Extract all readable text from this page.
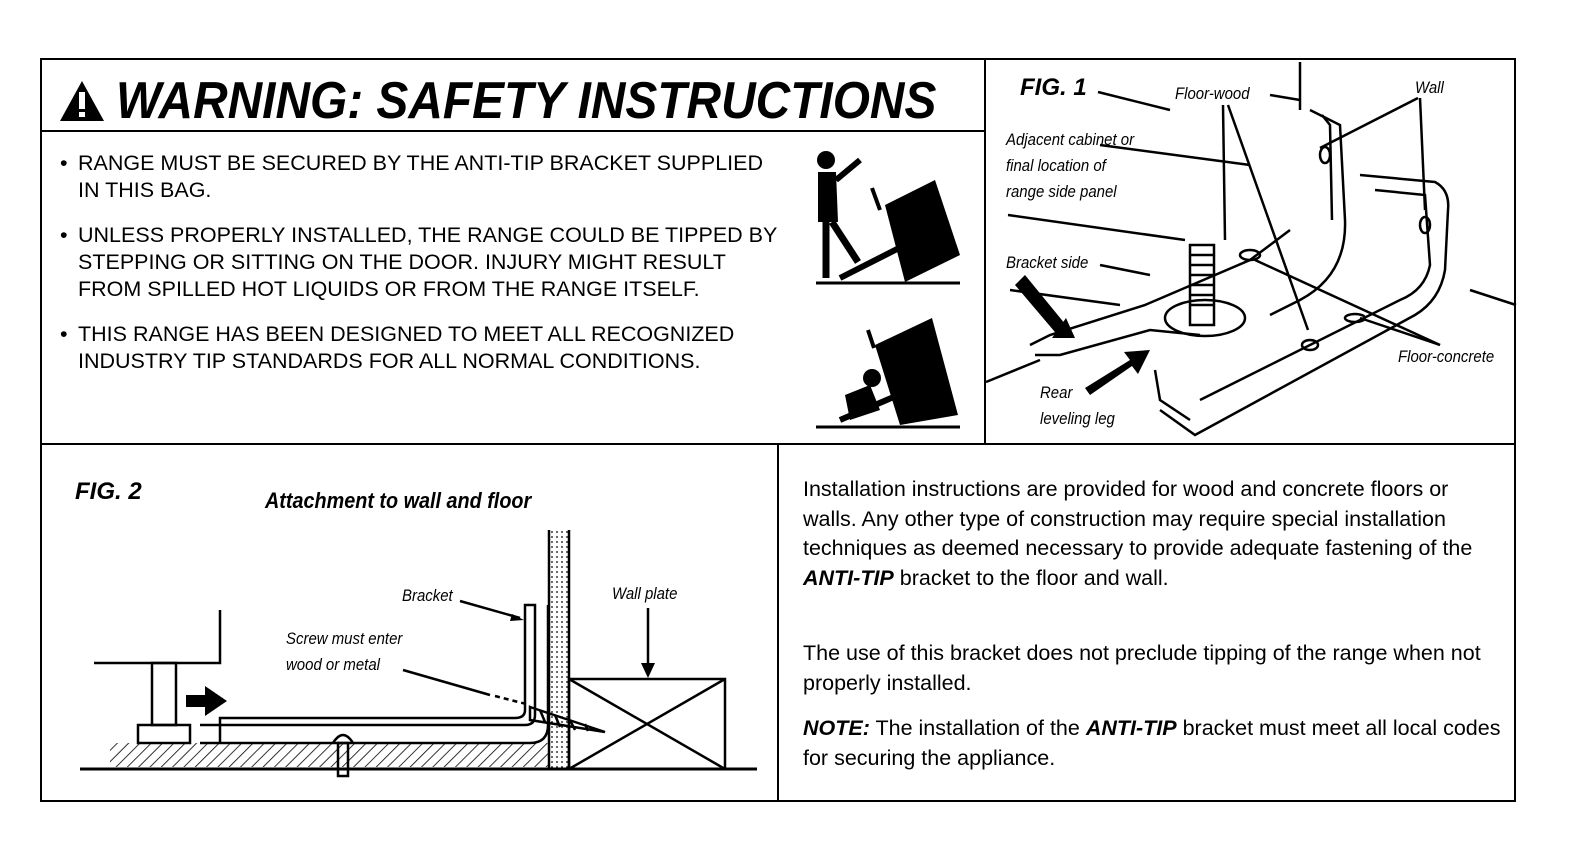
WARNING: SAFETY INSTRUCTIONS
• RANGE MUST BE SECURED BY THE ANTI-TIP BRACKET SUPPLIED IN THIS BAG.
• UNLESS PROPERLY INSTALLED, THE RANGE COULD BE TIPPED BY STEPPING OR SITTING ON THE DOOR. INJURY MIGHT RESULT FROM SPILLED HOT LIQUIDS OR FROM THE RANGE ITSELF.
• THIS RANGE HAS BEEN DESIGNED TO MEET ALL RECOGNIZED INDUSTRY TIP STANDARDS FOR ALL NORMAL CONDITIONS.
FIG. 1	Floor-wood	Wall
Adjacent cabinet or
final location of
range side panel
Bracket side
Floor-concrete
Rear
leveling leg
FIG. 2	Attachment to wall and floor
Bracket	Wall plate
Screw must enter
wood or metal
Installation instructions are provided for wood and concrete floors or walls. Any other type of construction may require special installation techniques as deemed necessary to provide adequate fastening of the ANTI-TIP bracket to the floor and wall.
The use of this bracket does not preclude tipping of the range when not properly installed.
NOTE: The installation of the ANTI-TIP bracket must meet all local codes for securing the appliance.
